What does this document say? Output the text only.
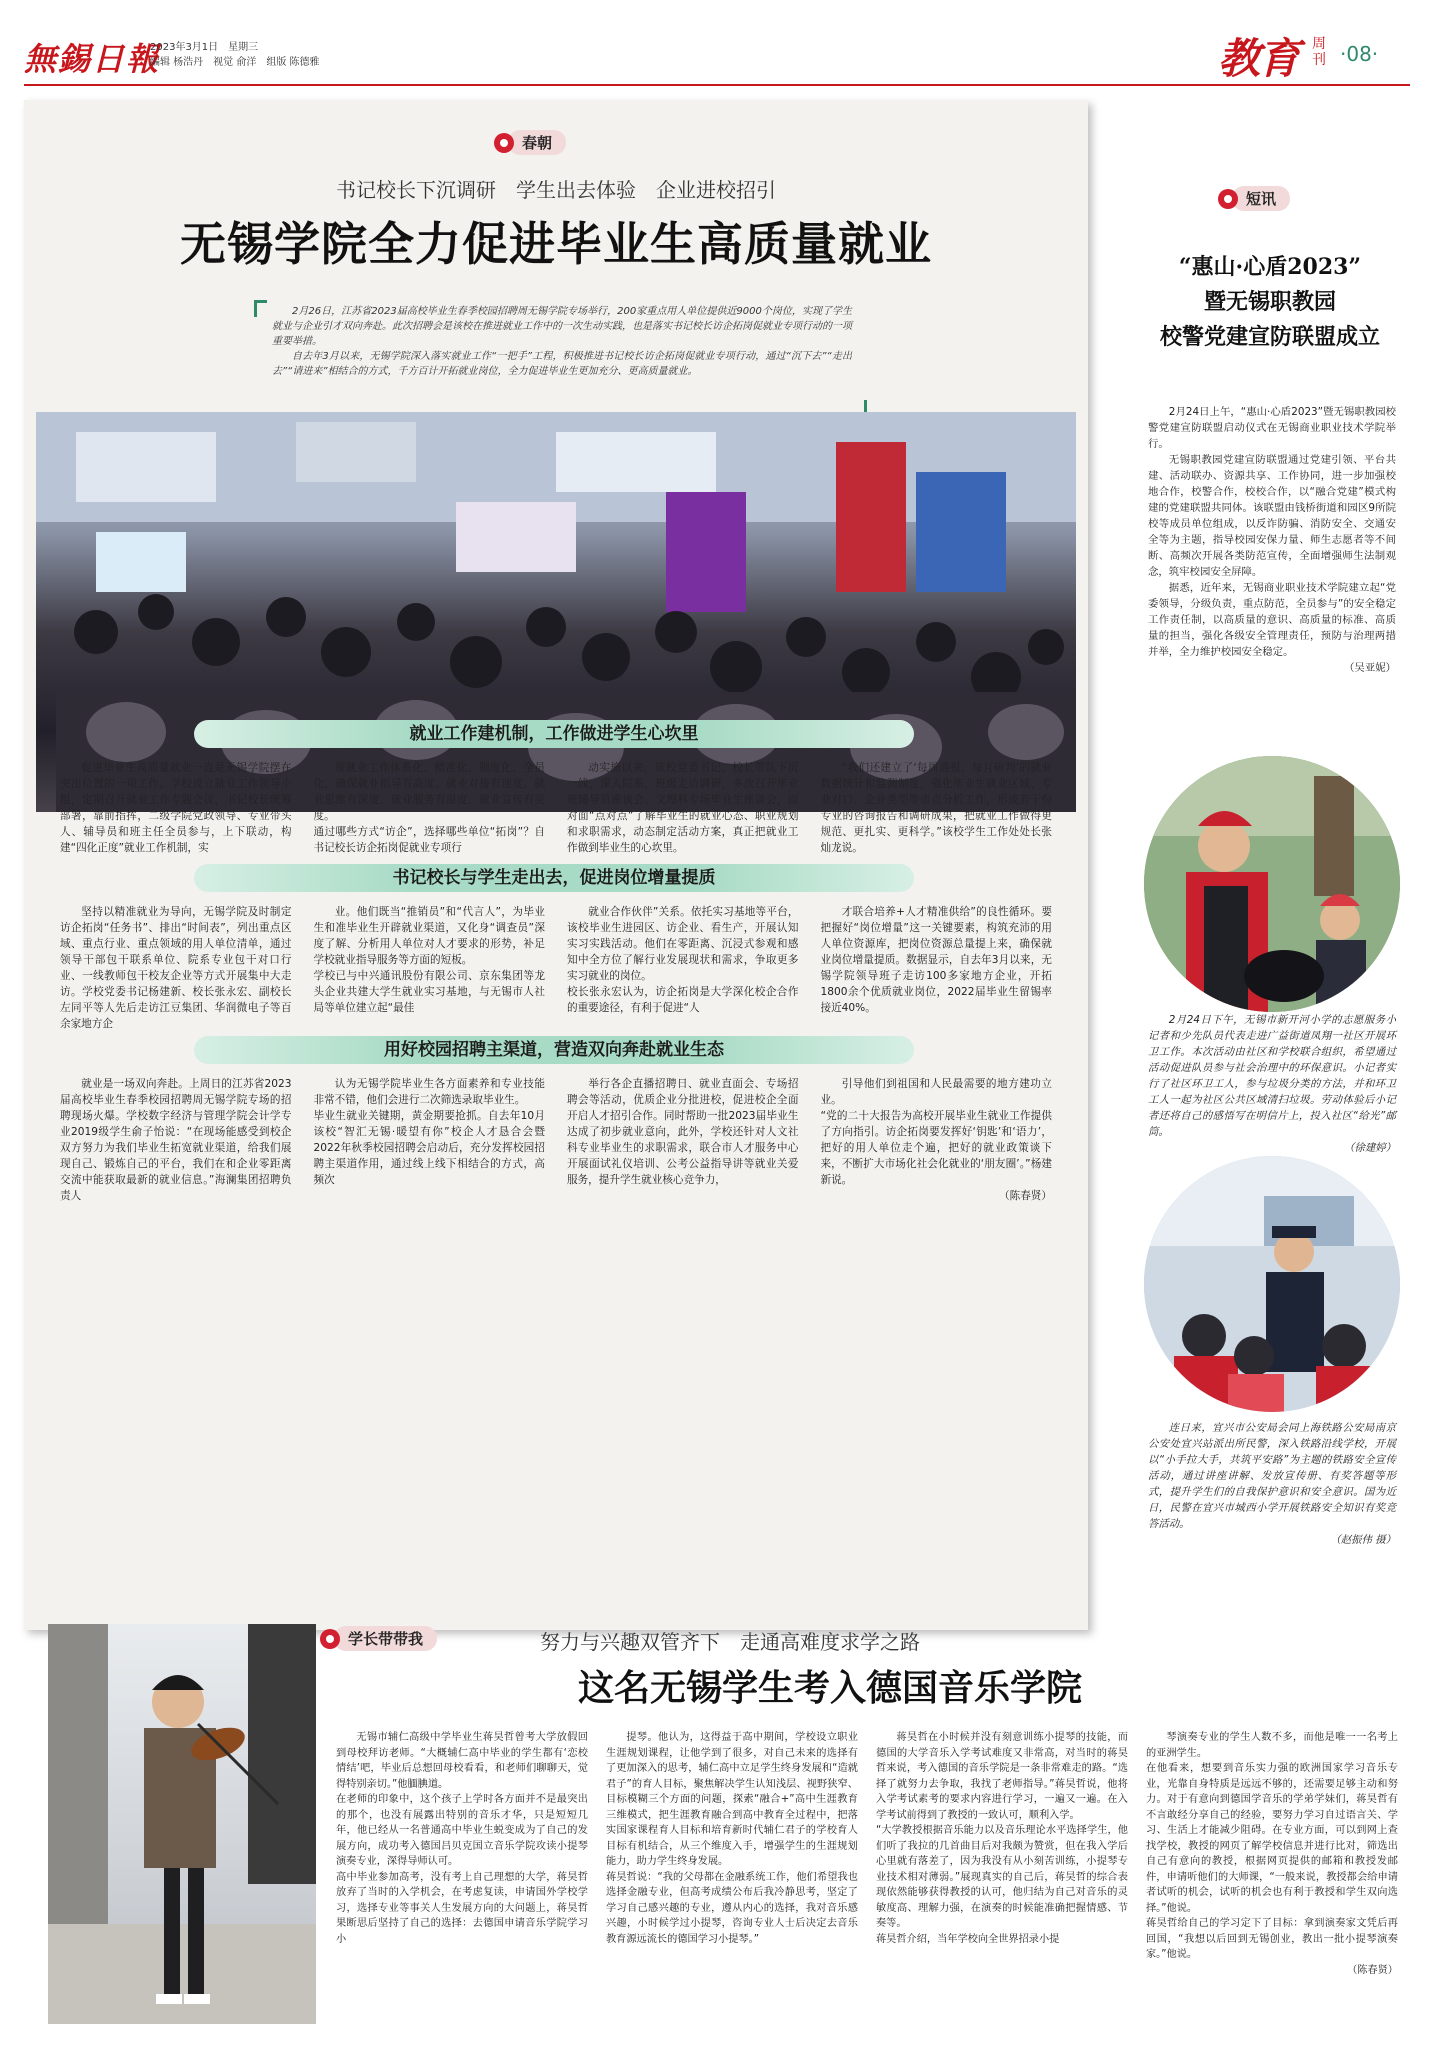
無錫日報
2023年3月1日　星期三
编辑 杨浩丹　视觉 俞洋　组版 陈德雅	教育 周刊 ·08·
春朝
书记校长下沉调研　学生出去体验　企业进校招引
无锡学院全力促进毕业生高质量就业

2月26日，江苏省2023届高校毕业生春季校园招聘周无锡学院专场举行，200家重点用人单位提供近9000个岗位，实现了学生就业与企业引才双向奔赴。此次招聘会是该校在推进就业工作中的一次生动实践，也是落实书记校长访企拓岗促就业专项行动的一项重要举措。

自去年3月以来，无锡学院深入落实就业工作“一把手”工程，积极推进书记校长访企拓岗促就业专项行动，通过“沉下去”“走出去”“请进来”相结合的方式，千方百计开拓就业岗位，全力促进毕业生更加充分、更高质量就业。

就业工作建机制，工作做进学生心坎里

促进毕业生高质量就业一直是无锡学院摆在突出位置的一项工作。学校成立就业工作领导小组，定期召开就业工作专题会议，书记校长统筹部署，靠前指挥，二级学院党政领导、专业带头人、辅导员和班主任全员参与，上下联动，构建“四化正度”就业工作机制，实

现就业工作体系化、精准化、制度化、全员化，确保就业指导有高度、就业对接有速度、就业思维有深度、就业服务有温度、就业宣传有亮度。
通过哪些方式“访企”，选择哪些单位“拓岗”？自书记校长访企拓岗促就业专项行

动实施以来，该校党委书记、校长带队下沉一线，深入院系，班级走访调研，多次召开毕业班辅导员座谈会、文理科专场毕业生座谈会，面对面“点对点”了解毕业生的就业心态、职业规划和求职需求，动态制定活动方案，真正把就业工作做到毕业生的心坎里。

“我们还建立了‘每周通报、每月研判’的就业数据统计和监测制度，强化毕业生就业区域、专业对口、企业类型等市点分析工作，形成若干份专业的咨询报告和调研成果，把就业工作做得更规范、更扎实、更科学。”该校学生工作处处长张灿龙说。

书记校长与学生走出去，促进岗位增量提质

坚持以精准就业为导向，无锡学院及时制定访企拓岗“任务书”、排出“时间表”，列出重点区域、重点行业、重点领域的用人单位清单，通过领导干部包干联系单位、院系专业包干对口行业、一线教师包干校友企业等方式开展集中大走访。学校党委书记杨建新、校长张永宏、副校长左同平等人先后走访江豆集团、华润微电子等百余家地方企

业。他们既当“推销员”和“代言人”，为毕业生和准毕业生开辟就业渠道，又化身“调查员”深度了解、分析用人单位对人才要求的形势，补足学校就业指导服务等方面的短板。
学校已与中兴通讯股份有限公司、京东集团等龙头企业共建大学生就业实习基地，与无锡市人社局等单位建立起“最佳

就业合作伙伴”关系。依托实习基地等平台，该校毕业生进园区、访企业、看生产，开展认知实习实践活动。他们在零距离、沉浸式参观和感知中全方位了解行业发展现状和需求，争取更多实习就业的岗位。
校长张永宏认为，访企拓岗是大学深化校企合作的重要途径，有利于促进“人

才联合培养+人才精准供给”的良性循环。要把握好“岗位增量”这一关键要素，构筑充沛的用人单位资源库，把岗位资源总量提上来，确保就业岗位增量提质。数据显示，自去年3月以来，无锡学院领导班子走访100多家地方企业，开拓1800余个优质就业岗位，2022届毕业生留锡率接近40%。

用好校园招聘主渠道，营造双向奔赴就业生态

就业是一场双向奔赴。上周日的江苏省2023届高校毕业生春季校园招聘周无锡学院专场的招聘现场火爆。学校数字经济与管理学院会计学专业2019级学生俞子怡说：“在现场能感受到校企双方努力为我们毕业生拓宽就业渠道，给我们展现自己、锻炼自己的平台，我们在和企业零距离交流中能获取最新的就业信息。”海澜集团招聘负责人

认为无锡学院毕业生各方面素养和专业技能非常不错，他们会进行二次筛选录取毕业生。
毕业生就业关键期，黄金期要抢抓。自去年10月该校“智汇无锡·暖望有你”校企人才恳合会暨2022年秋季校园招聘会启动后，充分发挥校园招聘主渠道作用，通过线上线下相结合的方式，高频次

举行各企直播招聘日、就业直面会、专场招聘会等活动，优质企业分批进校，促进校企全面开启人才招引合作。同时帮助一批2023届毕业生达成了初步就业意向，此外，学校还针对人文社科专业毕业生的求职需求，联合市人才服务中心开展面试礼仪培训、公考公益指导讲等就业关爱服务，提升学生就业核心竞争力，

引导他们到祖国和人民最需要的地方建功立业。
“党的二十大报告为高校开展毕业生就业工作提供了方向指引。访企拓岗要发挥好‘钥匙’和‘语力’，把好的用人单位走个遍，把好的就业政策谈下来，不断扩大市场化社会化就业的‘朋友圈’。”杨建新说。

（陈春贤）
短讯
“惠山·心盾2023”
暨无锡职教园
校警党建宣防联盟成立

2月24日上午，“惠山·心盾2023”暨无锡职教园校警党建宣防联盟启动仪式在无锡商业职业技术学院举行。

无锡职教园党建宣防联盟通过党建引领、平台共建、活动联办、资源共享、工作协同，进一步加强校地合作，校警合作，校校合作，以“融合党建”模式构建的党建联盟共同体。该联盟由钱桥街道和园区9所院校等成员单位组成，以反诈防骗、消防安全、交通安全等为主题，指导校园安保力量、师生志愿者等不间断、高频次开展各类防范宣传，全面增强师生法制观念，筑牢校园安全屏障。

据悉，近年来，无锡商业职业技术学院建立起“党委领导，分级负责，重点防范，全员参与”的安全稳定工作责任制，以高质量的意识、高质量的标准、高质量的担当，强化各级安全管理责任，预防与治理两措并举，全力维护校园安全稳定。

（吴亚妮）

2月24日下午，无锡市新开河小学的志愿服务小记者和少先队员代表走进广益街道凤翔一社区开展环卫工作。本次活动由社区和学校联合组织，希望通过活动促进队员参与社会治理中的环保意识。小记者实行了社区环卫工人，参与垃圾分类的方法，并和环卫工人一起为社区公共区域清扫垃圾。劳动体验后小记者还将自己的感悟写在明信片上，投入社区“给光”邮筒。

（徐建婷）

连日来，宜兴市公安局会同上海铁路公安局南京公安处宜兴站派出所民警，深入铁路沿线学校，开展以“小手拉大手，共筑平安路”为主题的铁路安全宣传活动，通过讲座讲解、发放宣传册、有奖答题等形式，提升学生们的自我保护意识和安全意识。国为近日，民警在宜兴市城西小学开展铁路安全知识有奖竞答活动。

（赵振伟 摄）
学长带带我	努力与兴趣双管齐下　走通高难度求学之路
这名无锡学生考入德国音乐学院

无锡市辅仁高级中学毕业生蒋昊哲曾考大学放假回到母校拜访老师。“大概辅仁高中毕业的学生都有‘恋校情结’吧，毕业后总想回母校看看，和老师们聊聊天，觉得特别亲切。”他腼腆道。
在老师的印象中，这个孩子上学时各方面并不是最突出的那个，也没有展露出特别的音乐才华，只是短短几年，他已经从一名普通高中毕业生蜕变成为了自己的发展方向，成功考入德国吕贝克国立音乐学院攻读小提琴演奏专业，深得导师认可。
高中毕业参加高考，没有考上自己理想的大学，蒋昊哲放弃了当时的入学机会，在考虑复读，申请国外学校学习，选择专业等事关人生发展方向的大问题上，蒋昊哲果断思后坚持了自己的选择：去德国申请音乐学院学习小

提琴。他认为，这得益于高中期间，学校设立职业生涯规划课程，让他学到了很多，对自己未来的选择有了更加深入的思考，辅仁高中立足学生终身发展和“造就君子”的育人目标，聚焦解决学生认知浅层、视野狭窄、目标模糊三个方面的问题，探索“融合+”高中生涯教育三维模式，把生涯教育融合到高中教育全过程中，把落实国家课程育人目标和培育新时代辅仁君子的学校育人目标有机结合，从三个维度入手，增强学生的生涯规划能力，助力学生终身发展。
蒋昊哲说：“我的父母都在金融系统工作，他们希望我也选择金融专业，但高考成绩公布后我冷静思考，坚定了学习自己感兴趣的专业，遵从内心的选择，我对音乐感兴趣，小时候学过小提琴，咨询专业人士后决定去音乐教育源远流长的德国学习小提琴。”

蒋昊哲在小时候并没有刻意训练小提琴的技能，而德国的大学音乐入学考试难度又非常高，对当时的蒋昊哲来说，考入德国的音乐学院是一条非常难走的路。“选择了就努力去争取，我找了老师指导。”蒋昊哲说，他将入学考试素考的要求内容进行学习，一遍又一遍。在入学考试前得到了教授的一致认可，顺利入学。
“大学教授根据音乐能力以及音乐理论水平选择学生，他们听了我拉的几首曲目后对我颇为赞赏，但在我入学后心里就有落差了，因为我没有从小刻苦训练，小提琴专业技术相对薄弱。”展现真实的自己后，蒋昊哲的综合表现依然能够获得教授的认可，他归结为自己对音乐的灵敏度高、理解力强，在演奏的时候能准确把握情感、节奏等。
蒋昊哲介绍，当年学校向全世界招录小提

琴演奏专业的学生人数不多，而他是唯一一名考上的亚洲学生。
在他看来，想要到音乐实力强的欧洲国家学习音乐专业，光靠自身特质是远远不够的，还需要足够主动和努力。对于有意向到德国学音乐的学弟学妹们，蒋昊哲有不言敢经分享自己的经验，要努力学习自过语言关、学习、生活上才能减少阻碍。在专业方面，可以到网上查找学校，教授的网页了解学校信息并进行比对，筛选出自己有意向的教授，根据网页提供的邮箱和教授发邮件，申请听他们的大师课，“一般来说，教授都会给申请者试听的机会，试听的机会也有利于教授和学生双向选择。”他说。
蒋昊哲给自己的学习定下了目标：拿到演奏家文凭后再回国，“我想以后回到无锡创业，教出一批小提琴演奏家。”他说。

（陈春贤）
